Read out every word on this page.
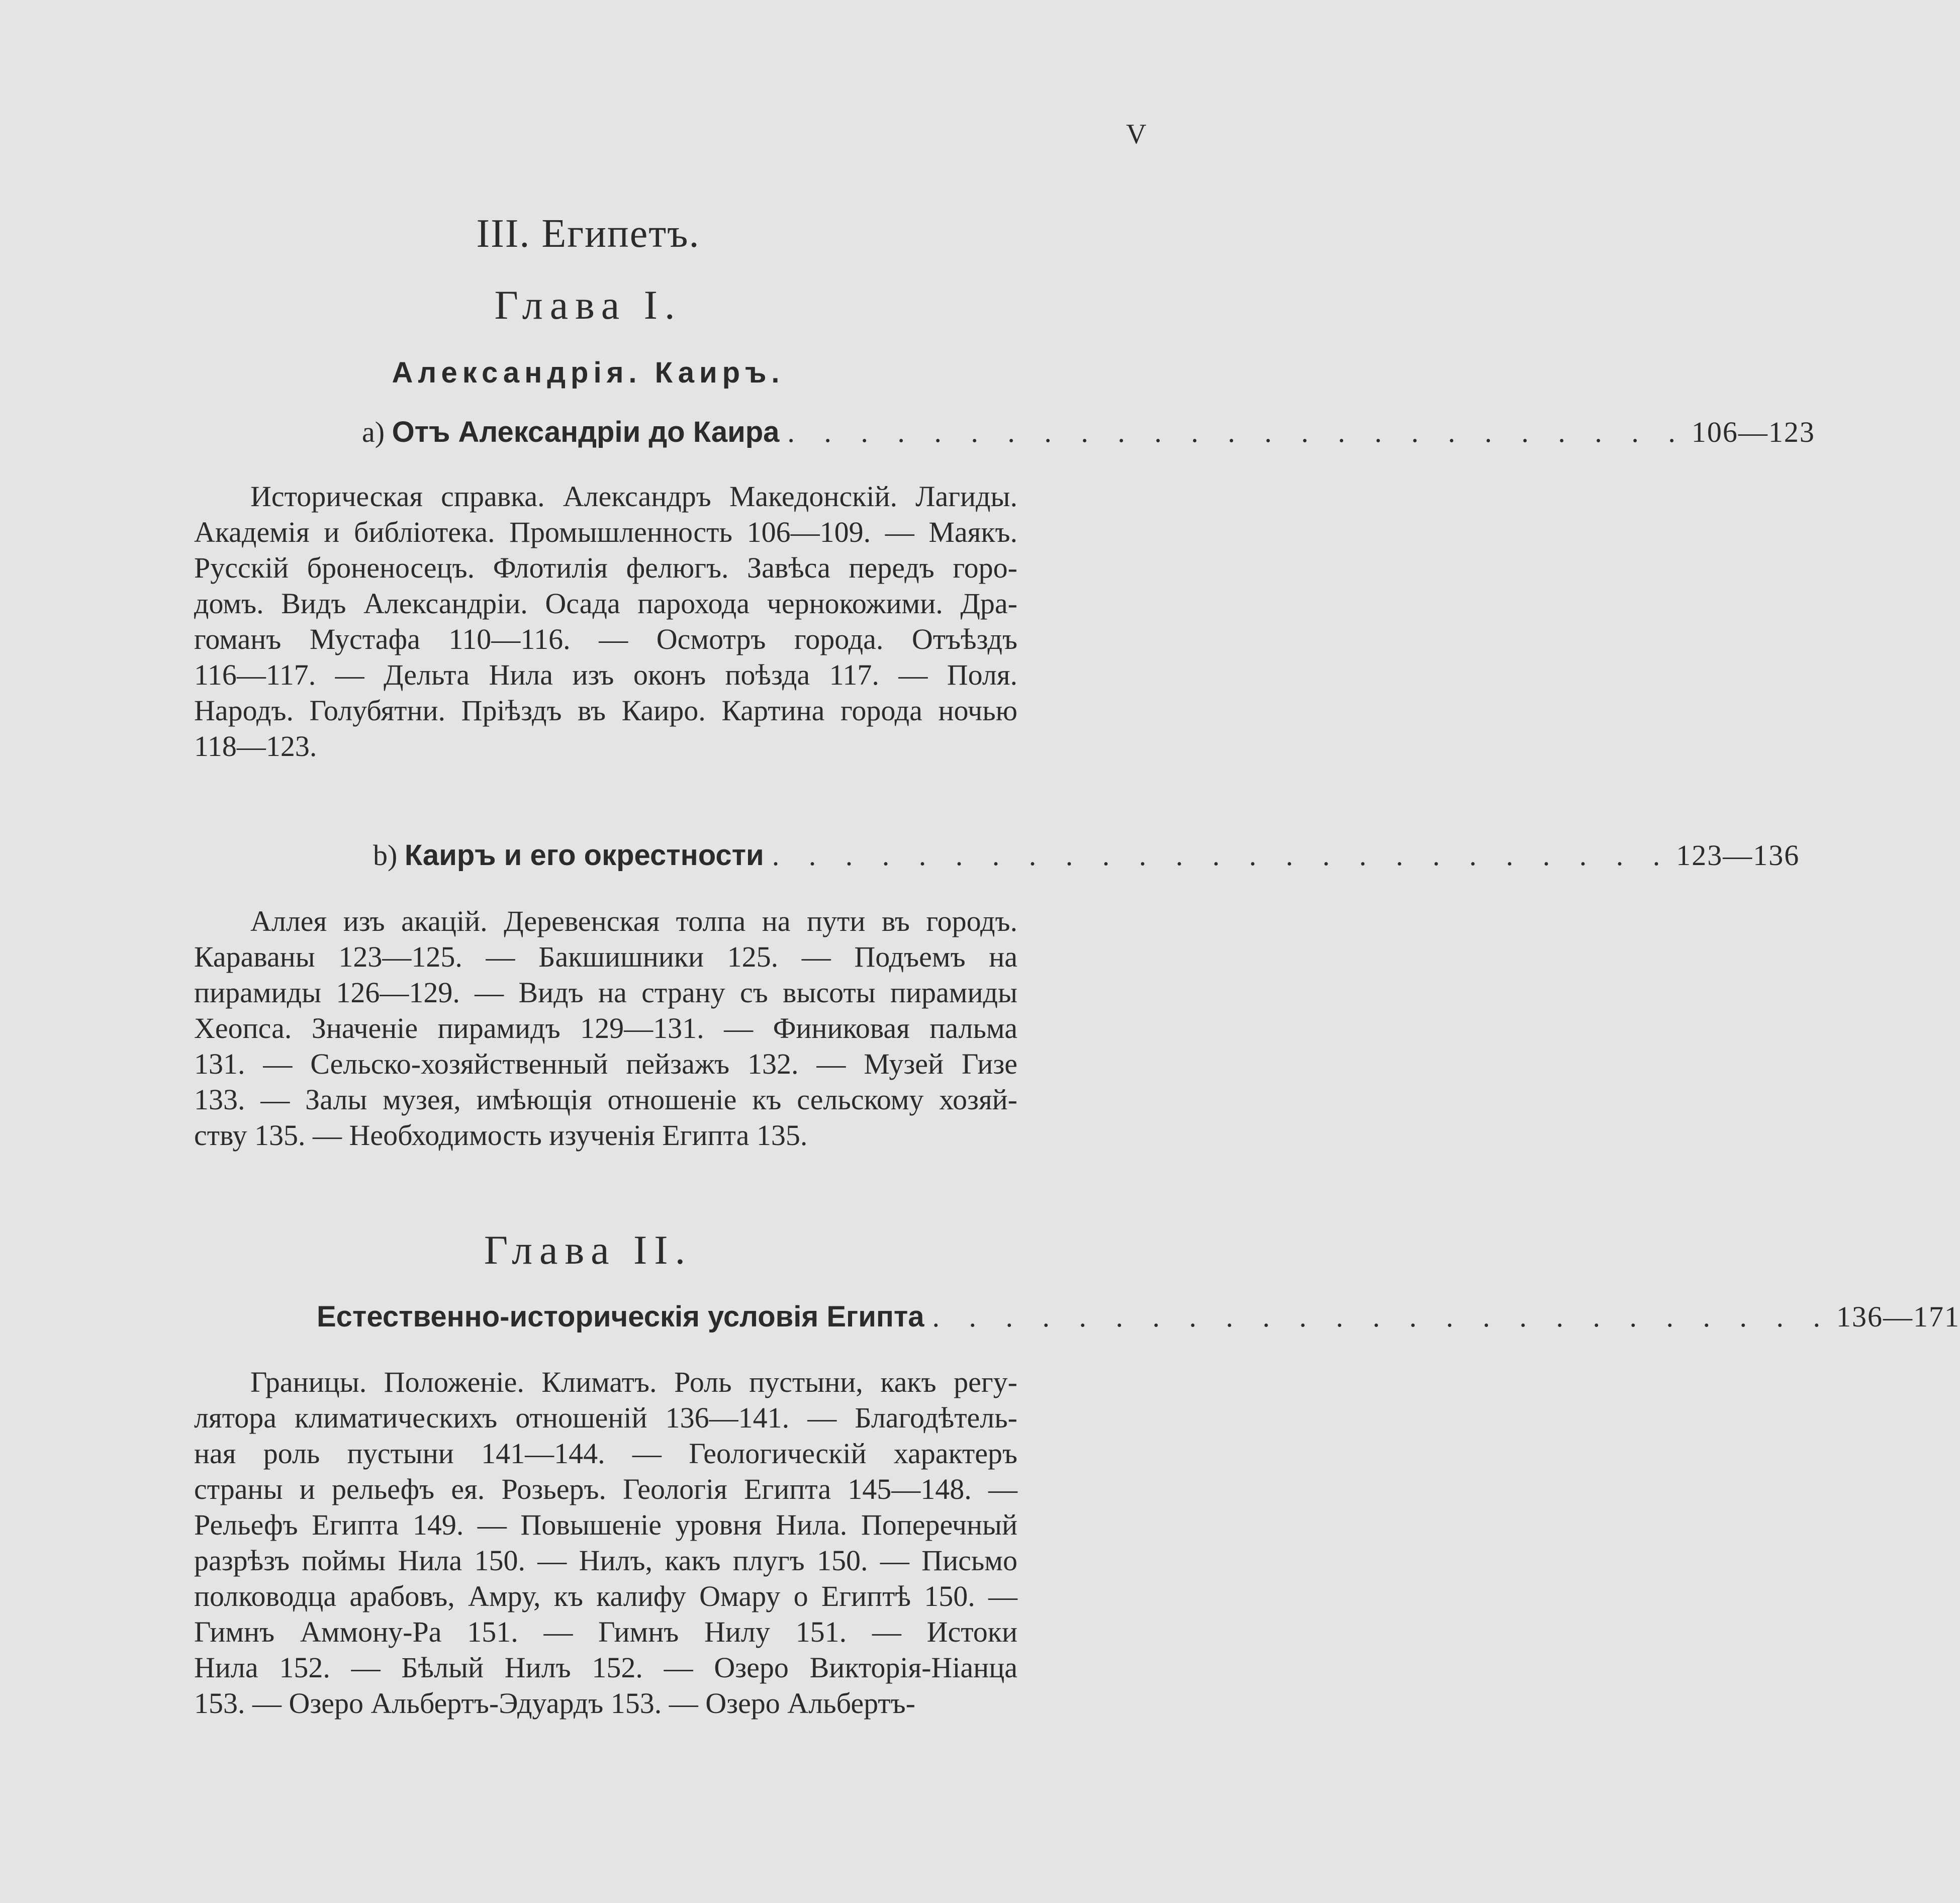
V
III. Египетъ.
Глава I.
Александрія. Каиръ.
а) Отъ Александріи до Каира . . . . . . . . . . . . . . . . . . . . . . . . . 106—123
Историческая справка. Александръ Македонскій. Лагиды.
Академія и библіотека. Промышленность 106—109. — Маякъ.
Русскій броненосецъ. Флотилія фелюгъ. Завѣса передъ горо-
домъ. Видъ Александріи. Осада парохода чернокожими. Дра-
гоманъ Мустафа 110—116. — Осмотръ города. Отъѣздъ
116—117. — Дельта Нила изъ оконъ поѣзда 117. — Поля.
Народъ. Голубятни. Пріѣздъ въ Каиро. Картина города ночью
118—123.
b) Каиръ и его окрестности . . . . . . . . . . . . . . . . . . . . . . . . . 123—136
Аллея изъ акацій. Деревенская толпа на пути въ городъ.
Караваны 123—125. — Бакшишники 125. — Подъемъ на
пирамиды 126—129. — Видъ на страну съ высоты пирамиды
Хеопса. Значеніе пирамидъ 129—131. — Финиковая пальма
131. — Сельско-хозяйственный пейзажъ 132. — Музей Гизе
133. — Залы музея, имѣющія отношеніе къ сельскому хозяй-
ству 135. — Необходимость изученія Египта 135.
Глава II.
Естественно-историческія условія Египта . . . . . . . . . . . . . . . . . . . . . . . . . 136—171
Границы. Положеніе. Климатъ. Роль пустыни, какъ регу-
лятора климатическихъ отношеній 136—141. — Благодѣтель-
ная роль пустыни 141—144. — Геологическій характеръ
страны и рельефъ ея. Розьеръ. Геологія Египта 145—148. —
Рельефъ Египта 149. — Повышеніе уровня Нила. Поперечный
разрѣзъ поймы Нила 150. — Нилъ, какъ плугъ 150. — Письмо
полководца арабовъ, Амру, къ калифу Омару о Египтѣ 150. —
Гимнъ Аммону-Ра 151. — Гимнъ Нилу 151. — Истоки
Нила 152. — Бѣлый Нилъ 152. — Озеро Викторія-Ніанца
153. — Озеро Альбертъ-Эдуардъ 153. — Озеро Альбертъ-
